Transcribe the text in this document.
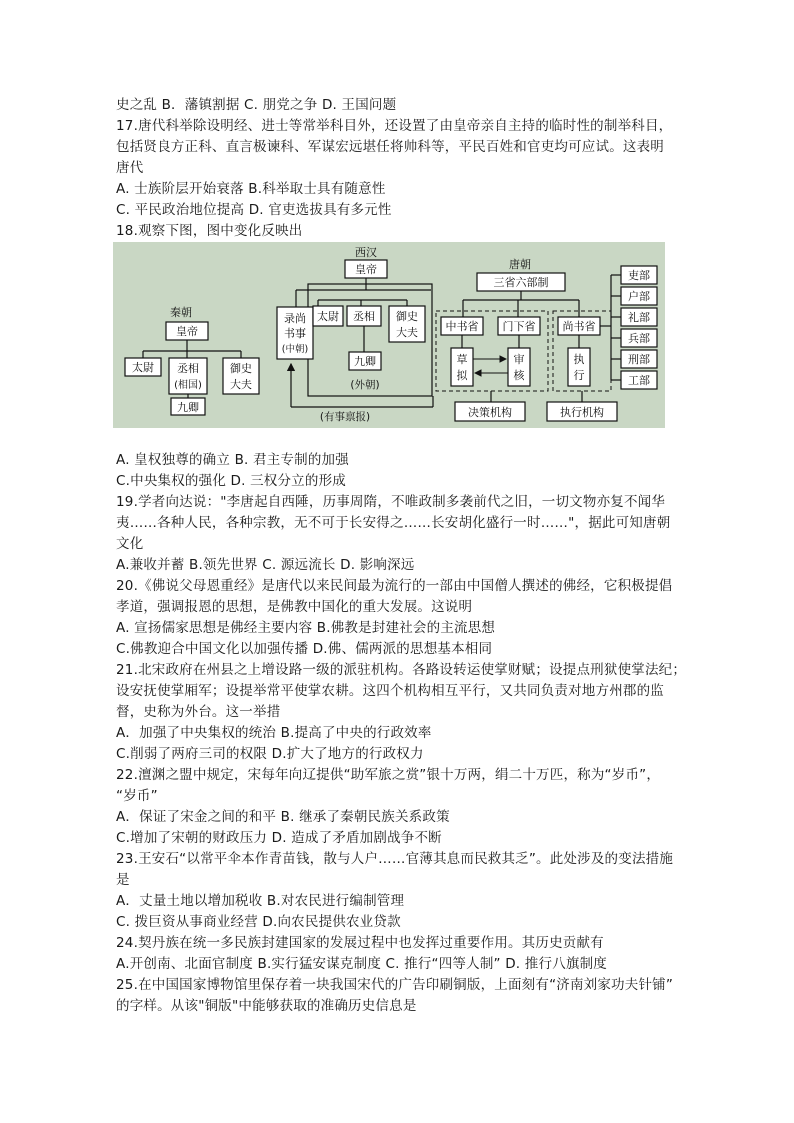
史之乱 B．藩镇割据 C. 朋党之争 D. 王国问题
17.唐代科举除设明经、进士等常举科目外，还设置了由皇帝亲自主持的临时性的制举科目，
包括贤良方正科、直言极谏科、军谋宏远堪任将帅科等，平民百姓和官吏均可应试。这表明
唐代
A. 士族阶层开始衰落 B.科举取士具有随意性
C. 平民政治地位提高 D. 官吏选拔具有多元性
18.观察下图，图中变化反映出
秦朝
皇帝
太尉 丞相
(相国)
御史
大夫
九卿
西汉
皇帝
录尚
书事
(中朝)
太尉 丞相 御史
大夫
九卿
(外朝)
(有事禀报)
唐朝
三省六部制
中书省 门下省 尚书省
草
拟
审
核
执
行
决策机构	执行机构
吏部
户部
礼部
兵部
刑部
工部
A. 皇权独尊的确立 B. 君主专制的加强
C.中央集权的强化 D. 三权分立的形成
19.学者向达说："李唐起自西陲，历事周隋，不唯政制多袭前代之旧，一切文物亦复不闻华
夷……各种人民，各种宗教，无不可于长安得之……长安胡化盛行一时……"，据此可知唐朝
文化
A.兼收并蓄 B.领先世界 C. 源远流长 D. 影响深远
20.《佛说父母恩重经》是唐代以来民间最为流行的一部由中国僧人撰述的佛经，它积极提倡
孝道，强调报恩的思想，是佛教中国化的重大发展。这说明
A. 宣扬儒家思想是佛经主要内容 B.佛教是封建社会的主流思想
C.佛教迎合中国文化以加强传播 D.佛、儒两派的思想基本相同
21.北宋政府在州县之上增设路一级的派驻机构。各路设转运使掌财赋；设提点刑狱使掌法纪；
设安抚使掌厢军；设提举常平使掌农耕。这四个机构相互平行，又共同负责对地方州郡的监
督，史称为外台。这一举措
A．加强了中央集权的统治 B.提高了中央的行政效率
C.削弱了两府三司的权限 D.扩大了地方的行政权力
22.澶渊之盟中规定，宋每年向辽提供“助军旅之赏”银十万两，绢二十万匹，称为“岁币”，
“岁币”
A．保证了宋金之间的和平 B. 继承了秦朝民族关系政策
C.增加了宋朝的财政压力 D. 造成了矛盾加剧战争不断
23.王安石“以常平伞本作青苗钱，散与人户……官薄其息而民救其乏”。此处涉及的变法措施
是
A．丈量土地以增加税收 B.对农民进行编制管理
C. 拨巨资从事商业经营 D.向农民提供农业贷款
24.契丹族在统一多民族封建国家的发展过程中也发挥过重要作用。其历史贡献有
A.开创南、北面官制度 B.实行猛安谋克制度 C. 推行“四等人制” D. 推行八旗制度
25.在中国国家博物馆里保存着一块我国宋代的广告印刷铜版，上面刻有“济南刘家功夫针铺”
的字样。从该"铜版"中能够获取的准确历史信息是
